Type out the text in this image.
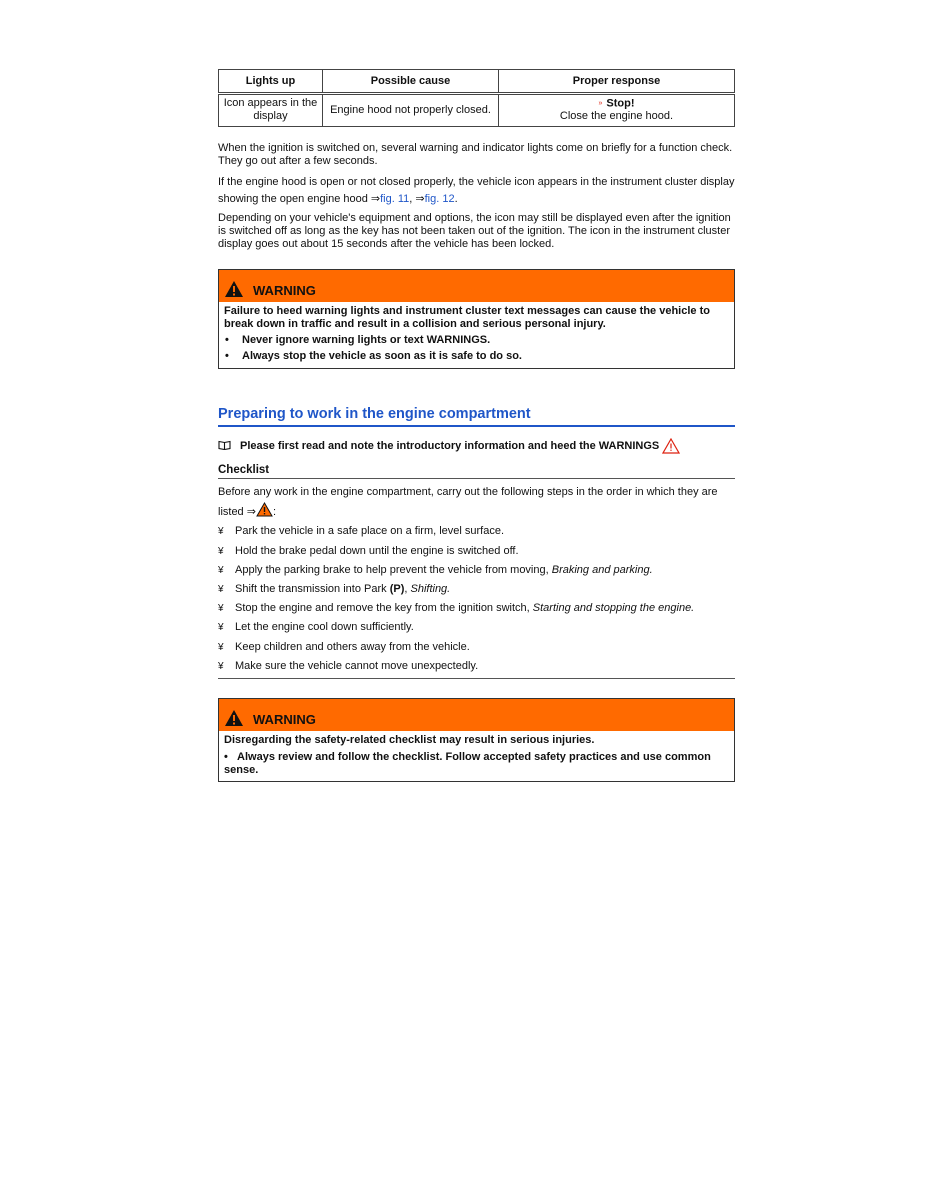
Lights up	Possible cause	Proper response
Icon appears in the display	Engine hood not properly closed.	» Stop!
Close the engine hood.

When the ignition is switched on, several warning and indicator lights come on briefly for a function check. They go out after a few seconds.

If the engine hood is open or not closed properly, the vehicle icon appears in the instrument cluster display showing the open engine hood ⇒fig. 11, ⇒fig. 12.

Depending on your vehicle's equipment and options, the icon may still be displayed even after the ignition is switched off as long as the key has not been taken out of the ignition. The icon in the instrument cluster display goes out about 15 seconds after the vehicle has been locked.

WARNING
Failure to heed warning lights and instrument cluster text messages can cause the vehicle to break down in traffic and result in a collision and serious personal injury.
•	Never ignore warning lights or text WARNINGS.
•	Always stop the vehicle as soon as it is safe to do so.
Preparing to work in the engine compartment
Please first read and note the introductory information and heed the WARNINGS
Checklist
Before any work in the engine compartment, carry out the following steps in the order in which they are listed ⇒ :
¥	Park the vehicle in a safe place on a firm, level surface.
¥	Hold the brake pedal down until the engine is switched off.
¥	Apply the parking brake to help prevent the vehicle from moving, Braking and parking.
¥	Shift the transmission into Park (P), Shifting.
¥	Stop the engine and remove the key from the ignition switch, Starting and stopping the engine.
¥	Let the engine cool down sufficiently.
¥	Keep children and others away from the vehicle.
¥	Make sure the vehicle cannot move unexpectedly.
WARNING
Disregarding the safety-related checklist may result in serious injuries.
•   Always review and follow the checklist. Follow accepted safety practices and use common sense.
